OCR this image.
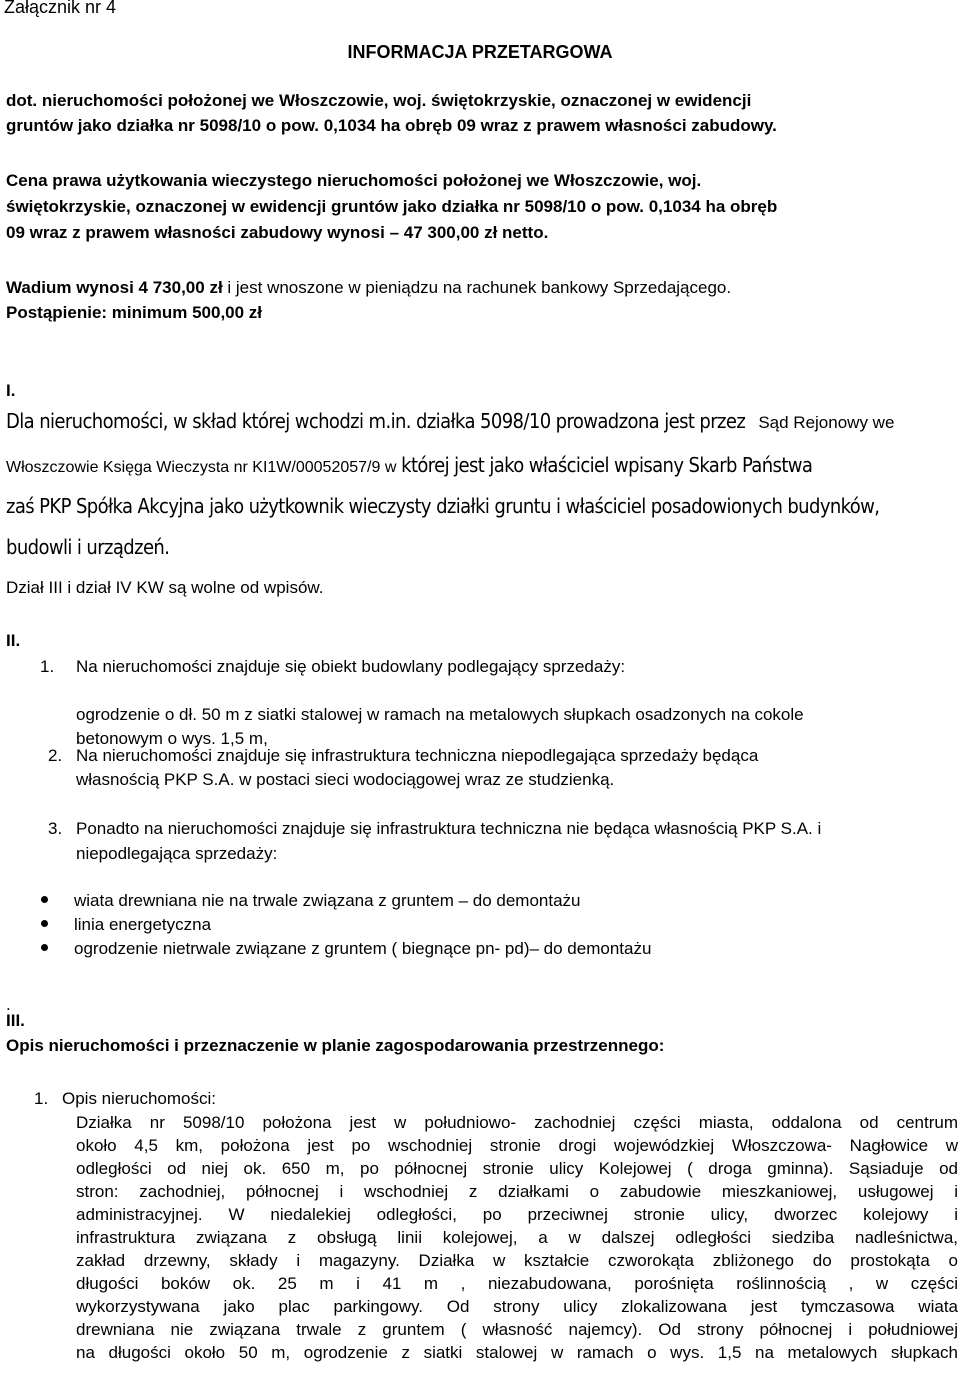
Załącznik nr 4
INFORMACJA PRZETARGOWA
dot. nieruchomości położonej we Włoszczowie, woj. świętokrzyskie, oznaczonej w ewidencji
gruntów jako działka nr 5098/10 o pow. 0,1034 ha obręb 09 wraz z prawem własności zabudowy.
Cena prawa użytkowania wieczystego nieruchomości położonej we Włoszczowie, woj.
świętokrzyskie, oznaczonej w ewidencji gruntów jako działka nr 5098/10 o pow. 0,1034 ha obręb
09 wraz z prawem własności zabudowy wynosi – 47 300,00 zł netto.
Wadium wynosi 4 730,00 zł i jest wnoszone w pieniądzu na rachunek bankowy Sprzedającego.
Postąpienie: minimum 500,00 zł
I.
Dla nieruchomości, w skład której wchodzi m.in. działka 5098/10 prowadzona jest przez Sąd Rejonowy we
Włoszczowie Księga Wieczysta nr KI1W/00052057/9 w której jest jako właściciel wpisany Skarb Państwa
zaś PKP Spółka Akcyjna jako użytkownik wieczysty działki gruntu i właściciel posadowionych budynków,
budowli i urządzeń.
Dział III i dział IV KW są wolne od wpisów.
II.
1.	Na nieruchomości znajduje się obiekt budowlany podlegający sprzedaży:
ogrodzenie o dł. 50 m z siatki stalowej w ramach na metalowych słupkach osadzonych na cokole
betonowym o wys. 1,5 m,
2. Na nieruchomości znajduje się infrastruktura techniczna niepodlegająca sprzedaży będąca
własnością PKP S.A. w postaci sieci wodociągowej wraz ze studzienką.
3. Ponadto na nieruchomości znajduje się infrastruktura techniczna nie będąca własnością PKP S.A. i
niepodlegająca sprzedaży:
wiata drewniana nie na trwale związana z gruntem – do demontażu
linia energetyczna
ogrodzenie nietrwale związane z gruntem ( biegnące pn- pd)– do demontażu
.
III.
Opis nieruchomości i przeznaczenie w planie zagospodarowania przestrzennego:
1. Opis nieruchomości:
Działka nr 5098/10 położona jest w południowo- zachodniej części miasta, oddalona od centrum
około 4,5 km, położona jest po wschodniej stronie drogi wojewódzkiej Włoszczowa- Nagłowice w
odległości od niej ok. 650 m, po północnej stronie ulicy Kolejowej ( droga gminna). Sąsiaduje od
stron: zachodniej, północnej i wschodniej z działkami o zabudowie mieszkaniowej, usługowej i
administracyjnej. W niedalekiej odległości, po przeciwnej stronie ulicy, dworzec kolejowy i
infrastruktura związana z obsługą linii kolejowej, a w dalszej odległości siedziba nadleśnictwa,
zakład drzewny, składy i magazyny. Działka w kształcie czworokąta zbliżonego do prostokąta o
długości boków ok. 25 m i 41 m , niezabudowana, porośnięta roślinnością , w części
wykorzystywana jako plac parkingowy. Od strony ulicy zlokalizowana jest tymczasowa wiata
drewniana nie związana trwale z gruntem ( własność najemcy). Od strony północnej i południowej
na długości około 50 m, ogrodzenie z siatki stalowej w ramach o wys. 1,5 na metalowych słupkach
